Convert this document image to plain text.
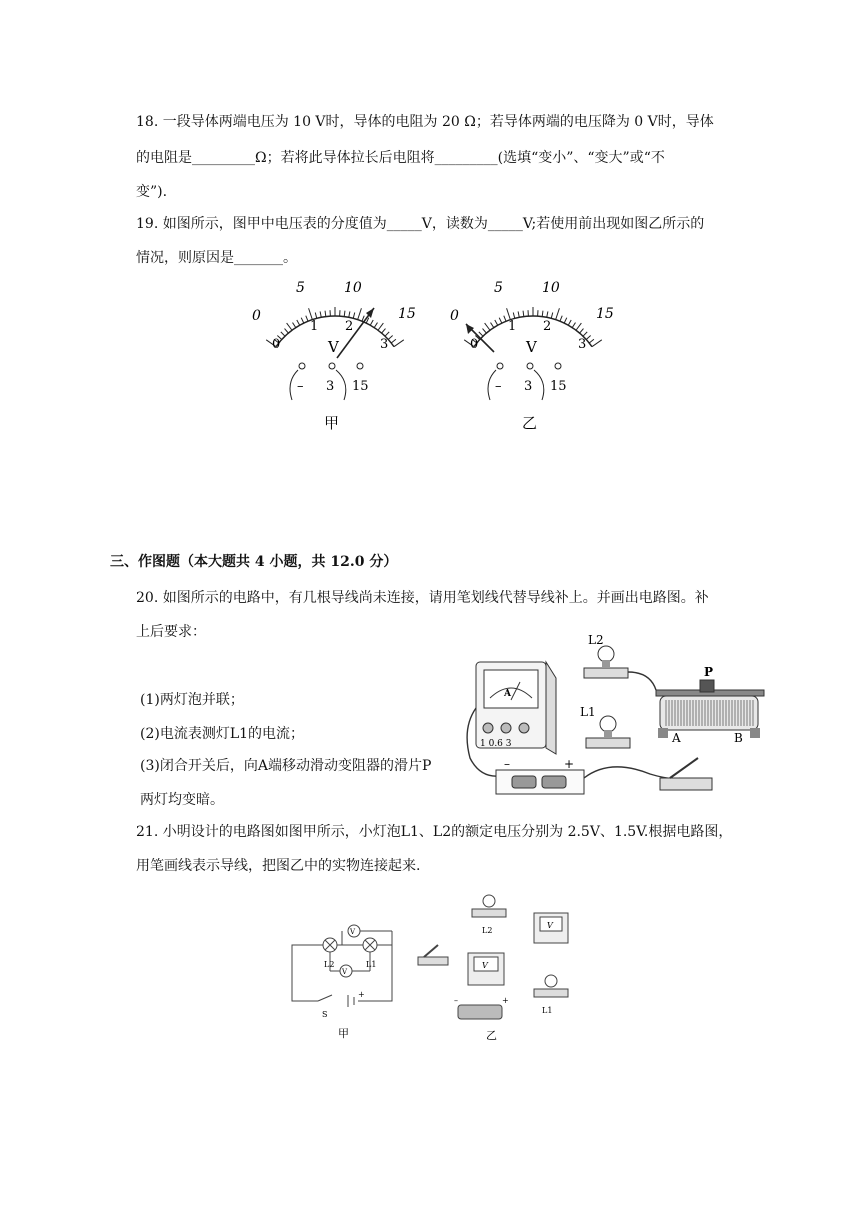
18. 一段导体两端电压为 10 V时，导体的电阻为 20 Ω；若导体两端的电压降为 0 V时，导体
的电阻是_________Ω；若将此导体拉长后电阻将_________(选填“变小”、“变大”或“不
变”).
19. 如图所示，图甲中电压表的分度值为_____V，读数为_____V;若使用前出现如图乙所示的
情况，则原因是_______。
0
5	10
15
0
1 2
3
V
– 3 15
甲
0
5	10
15
0
1 2
3
V
– 3 15
乙
三、作图题（本大题共 4 小题，共 12.0 分）
20. 如图所示的电路中，有几根导线尚未连接，请用笔划线代替导线补上。并画出电路图。补
上后要求：
(1)两灯泡并联；
(2)电流表测灯L1的电流；
(3)闭合开关后，向A端移动滑动变阻器的滑片P
两灯均变暗。
A
1 0.6 3
L2
L1
P
A	B
–	+
21. 小明设计的电路图如图甲所示，小灯泡L1、L2的额定电压分别为 2.5V、1.5V.根据电路图，
用笔画线表示导线，把图乙中的实物连接起来.
V
L2	L1
V
+
S
甲
L2
V
V
L1
–	+
乙
